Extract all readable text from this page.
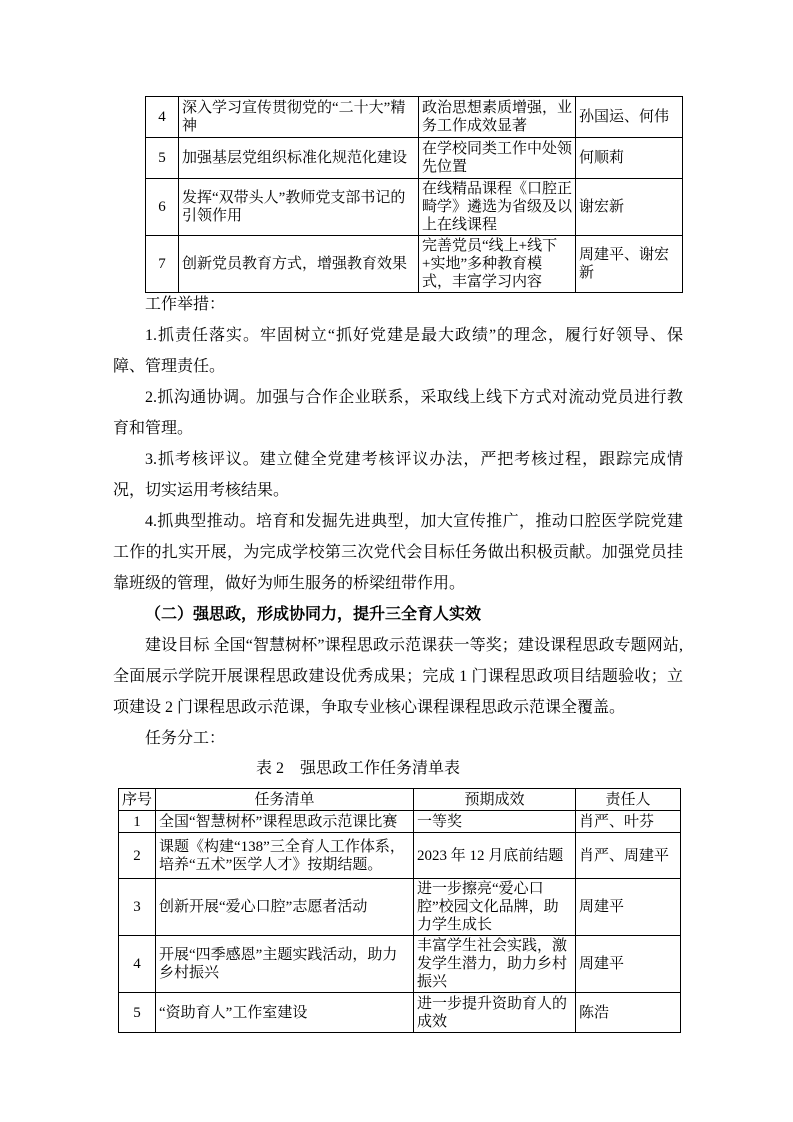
4	深入学习宣传贯彻党的“二十大”精神	政治思想素质增强，业务工作成效显著	孙国运、何伟
5	加强基层党组织标准化规范化建设	在学校同类工作中处领先位置	何顺莉
6	发挥“双带头人”教师党支部书记的引领作用	在线精品课程《口腔正畸学》遴选为省级及以上在线课程	谢宏新
7	创新党员教育方式，增强教育效果	完善党员“线上+线下+实地”多种教育模式，丰富学习内容	周建平、谢宏新

工作举措：

1.抓责任落实。牢固树立“抓好党建是最大政绩”的理念，履行好领导、保障、管理责任。

2.抓沟通协调。加强与合作企业联系，采取线上线下方式对流动党员进行教育和管理。

3.抓考核评议。建立健全党建考核评议办法，严把考核过程，跟踪完成情况，切实运用考核结果。

4.抓典型推动。培育和发掘先进典型，加大宣传推广，推动口腔医学院党建工作的扎实开展，为完成学校第三次党代会目标任务做出积极贡献。加强党员挂靠班级的管理，做好为师生服务的桥梁纽带作用。

（二）强思政，形成协同力，提升三全育人实效

建设目标 全国“智慧树杯”课程思政示范课获一等奖；建设课程思政专题网站,全面展示学院开展课程思政建设优秀成果；完成 1 门课程思政项目结题验收；立项建设 2 门课程思政示范课，争取专业核心课程课程思政示范课全覆盖。

任务分工：

表 2　强思政工作任务清单表
序号	任务清单	预期成效	责任人
1	全国“智慧树杯”课程思政示范课比赛	一等奖	肖严、叶芬
2	课题《构建“138”三全育人工作体系，培养“五术”医学人才》按期结题。	2023 年 12 月底前结题	肖严、周建平
3	创新开展“爱心口腔”志愿者活动	进一步擦亮“爱心口腔”校园文化品牌，助力学生成长	周建平
4	开展“四季感恩”主题实践活动，助力乡村振兴	丰富学生社会实践，激发学生潜力，助力乡村振兴	周建平
5	“资助育人”工作室建设	进一步提升资助育人的成效	陈浩
